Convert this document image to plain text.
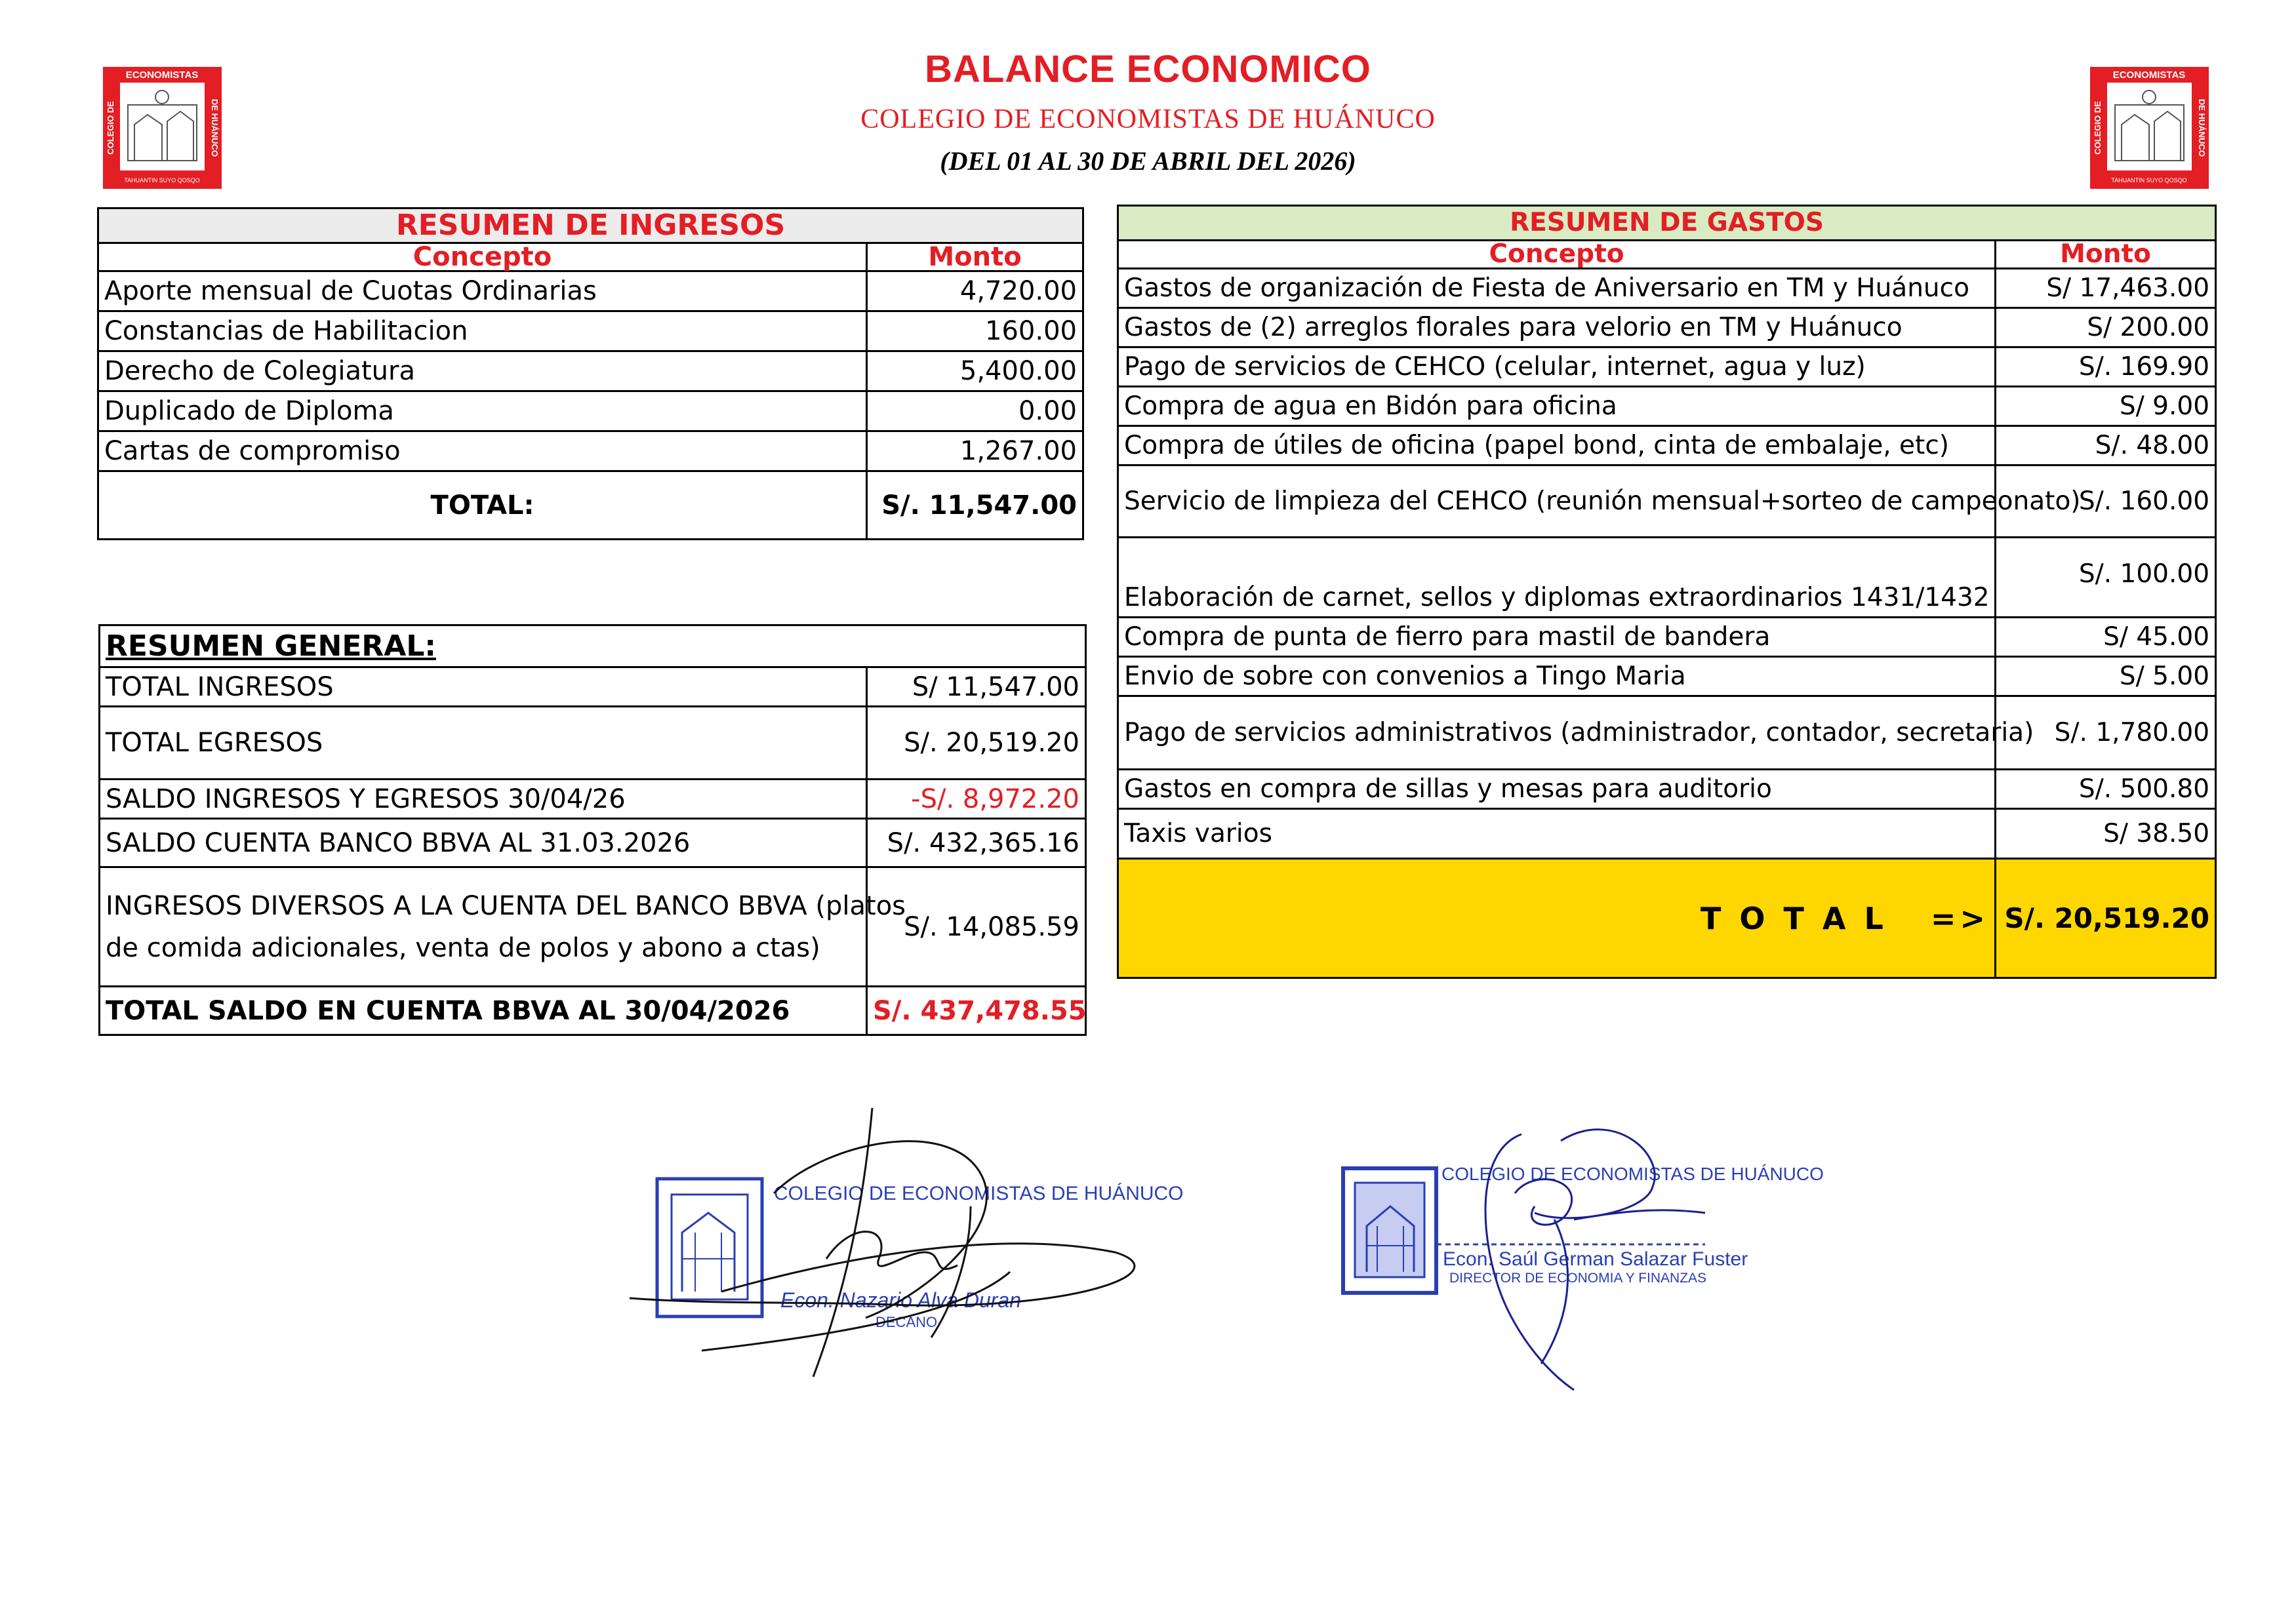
ECONOMISTAS
COLEGIO DE	DE HUÁNUCO
TAHUANTIN SUYO QOSQO
ECONOMISTAS
COLEGIO DE	DE HUÁNUCO
TAHUANTIN SUYO QOSQO
BALANCE ECONOMICO
COLEGIO DE ECONOMISTAS DE HUÁNUCO
(DEL 01 AL 30 DE ABRIL DEL 2026)
RESUMEN DE INGRESOS	
Concepto	Monto
Aporte mensual de Cuotas Ordinarias	4,720.00
Constancias de Habilitacion	160.00
Derecho de Colegiatura	5,400.00
Duplicado de Diploma	0.00
Cartas de compromiso	1,267.00
TOTAL:	S/. 11,547.00
RESUMEN DE GASTOS	
Concepto	Monto
Gastos de organización de Fiesta de Aniversario en TM y Huánuco	S/ 17,463.00
Gastos de (2) arreglos florales para velorio en TM y Huánuco	S/ 200.00
Pago de servicios de CEHCO (celular, internet, agua y luz)	S/. 169.90
Compra de agua en Bidón para oficina	S/ 9.00
Compra de útiles de oficina (papel bond, cinta de embalaje, etc)	S/. 48.00
Servicio de limpieza del CEHCO (reunión mensual+sorteo de campeonato)	S/. 160.00
Elaboración de carnet, sellos y diplomas extraordinarios 1431/1432	S/. 100.00
Compra de punta de fierro para mastil de bandera	S/ 45.00
Envio de sobre con convenios a Tingo Maria	S/ 5.00
Pago de servicios administrativos (administrador, contador, secretaria)	S/. 1,780.00
Gastos en compra de sillas y mesas para auditorio	S/. 500.80
Taxis varios	S/ 38.50
T O T A L   =>	S/. 20,519.20
RESUMEN GENERAL:	
TOTAL INGRESOS	S/ 11,547.00
TOTAL EGRESOS	S/. 20,519.20
SALDO INGRESOS Y EGRESOS 30/04/26	-S/. 8,972.20
SALDO CUENTA BANCO BBVA AL 31.03.2026	S/. 432,365.16
INGRESOS DIVERSOS A LA CUENTA DEL BANCO BBVA (platos
de comida adicionales, venta de polos y abono a ctas)	S/. 14,085.59
TOTAL SALDO EN CUENTA BBVA AL 30/04/2026	S/. 437,478.55
COLEGIO DE ECONOMISTAS DE HUÁNUCO
Econ. Nazario Alva Duran
DECANO
COLEGIO DE ECONOMISTAS DE HUÁNUCO
Econ. Saúl German Salazar Fuster
DIRECTOR DE ECONOMIA Y FINANZAS
